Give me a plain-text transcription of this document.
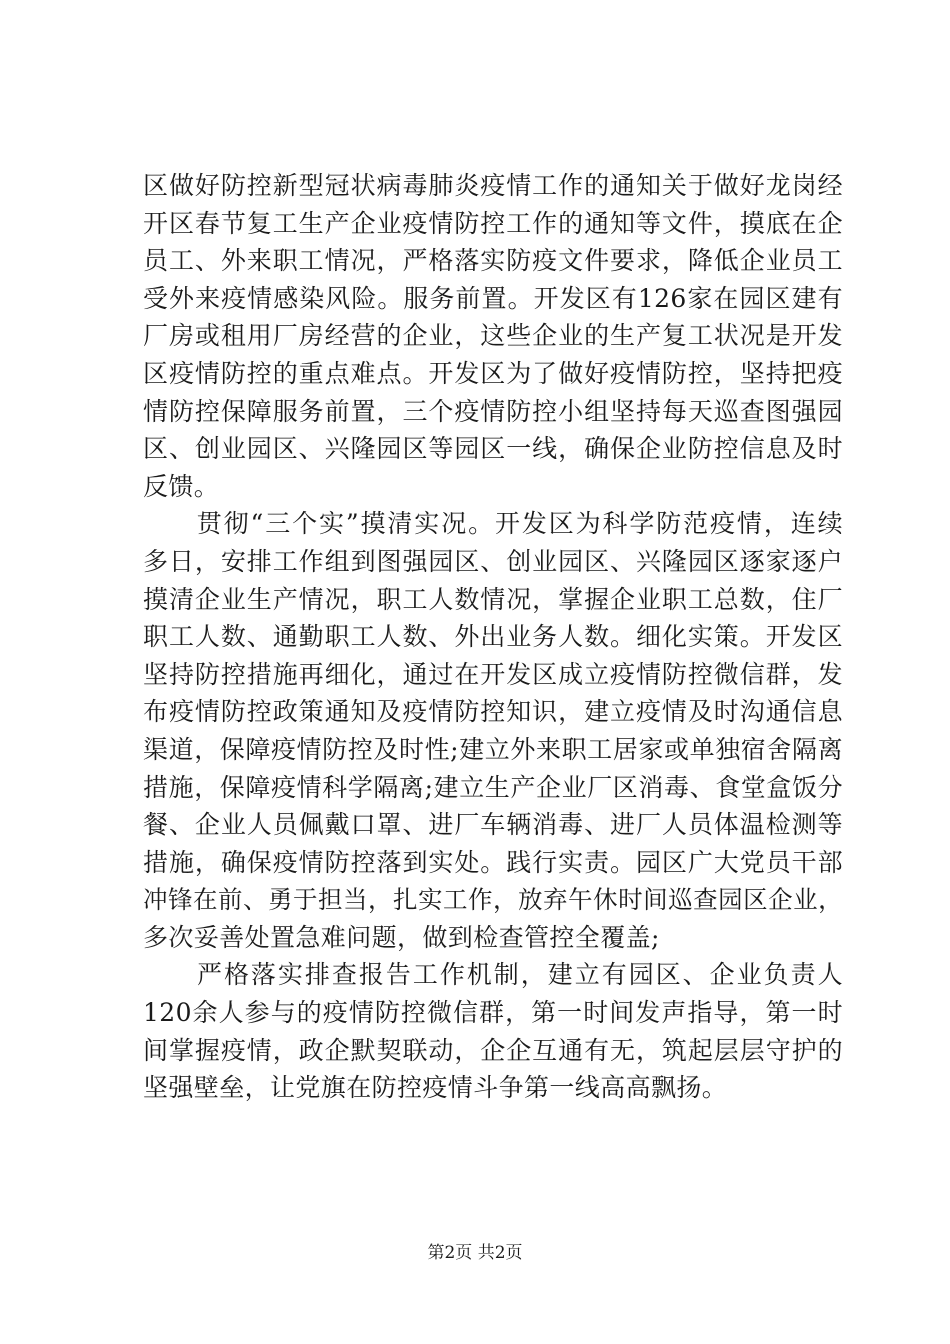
区做好防控新型冠状病毒肺炎疫情工作的通知关于做好龙岗经
开区春节复工生产企业疫情防控工作的通知等文件，摸底在企
员工、外来职工情况，严格落实防疫文件要求，降低企业员工
受外来疫情感染风险。服务前置。开发区有126家在园区建有
厂房或租用厂房经营的企业，这些企业的生产复工状况是开发
区疫情防控的重点难点。开发区为了做好疫情防控，坚持把疫
情防控保障服务前置，三个疫情防控小组坚持每天巡查图强园
区、创业园区、兴隆园区等园区一线，确保企业防控信息及时
反馈。
　　贯彻“三个实”摸清实况。开发区为科学防范疫情，连续
多日，安排工作组到图强园区、创业园区、兴隆园区逐家逐户
摸清企业生产情况，职工人数情况，掌握企业职工总数，住厂
职工人数、通勤职工人数、外出业务人数。细化实策。开发区
坚持防控措施再细化，通过在开发区成立疫情防控微信群，发
布疫情防控政策通知及疫情防控知识，建立疫情及时沟通信息
渠道，保障疫情防控及时性;建立外来职工居家或单独宿舍隔离
措施，保障疫情科学隔离;建立生产企业厂区消毒、食堂盒饭分
餐、企业人员佩戴口罩、进厂车辆消毒、进厂人员体温检测等
措施，确保疫情防控落到实处。践行实责。园区广大党员干部
冲锋在前、勇于担当，扎实工作，放弃午休时间巡查园区企业，
多次妥善处置急难问题，做到检查管控全覆盖;
　　严格落实排查报告工作机制，建立有园区、企业负责人
120余人参与的疫情防控微信群，第一时间发声指导，第一时
间掌握疫情，政企默契联动，企企互通有无，筑起层层守护的
坚强壁垒，让党旗在防控疫情斗争第一线高高飘扬。
第2页 共2页
